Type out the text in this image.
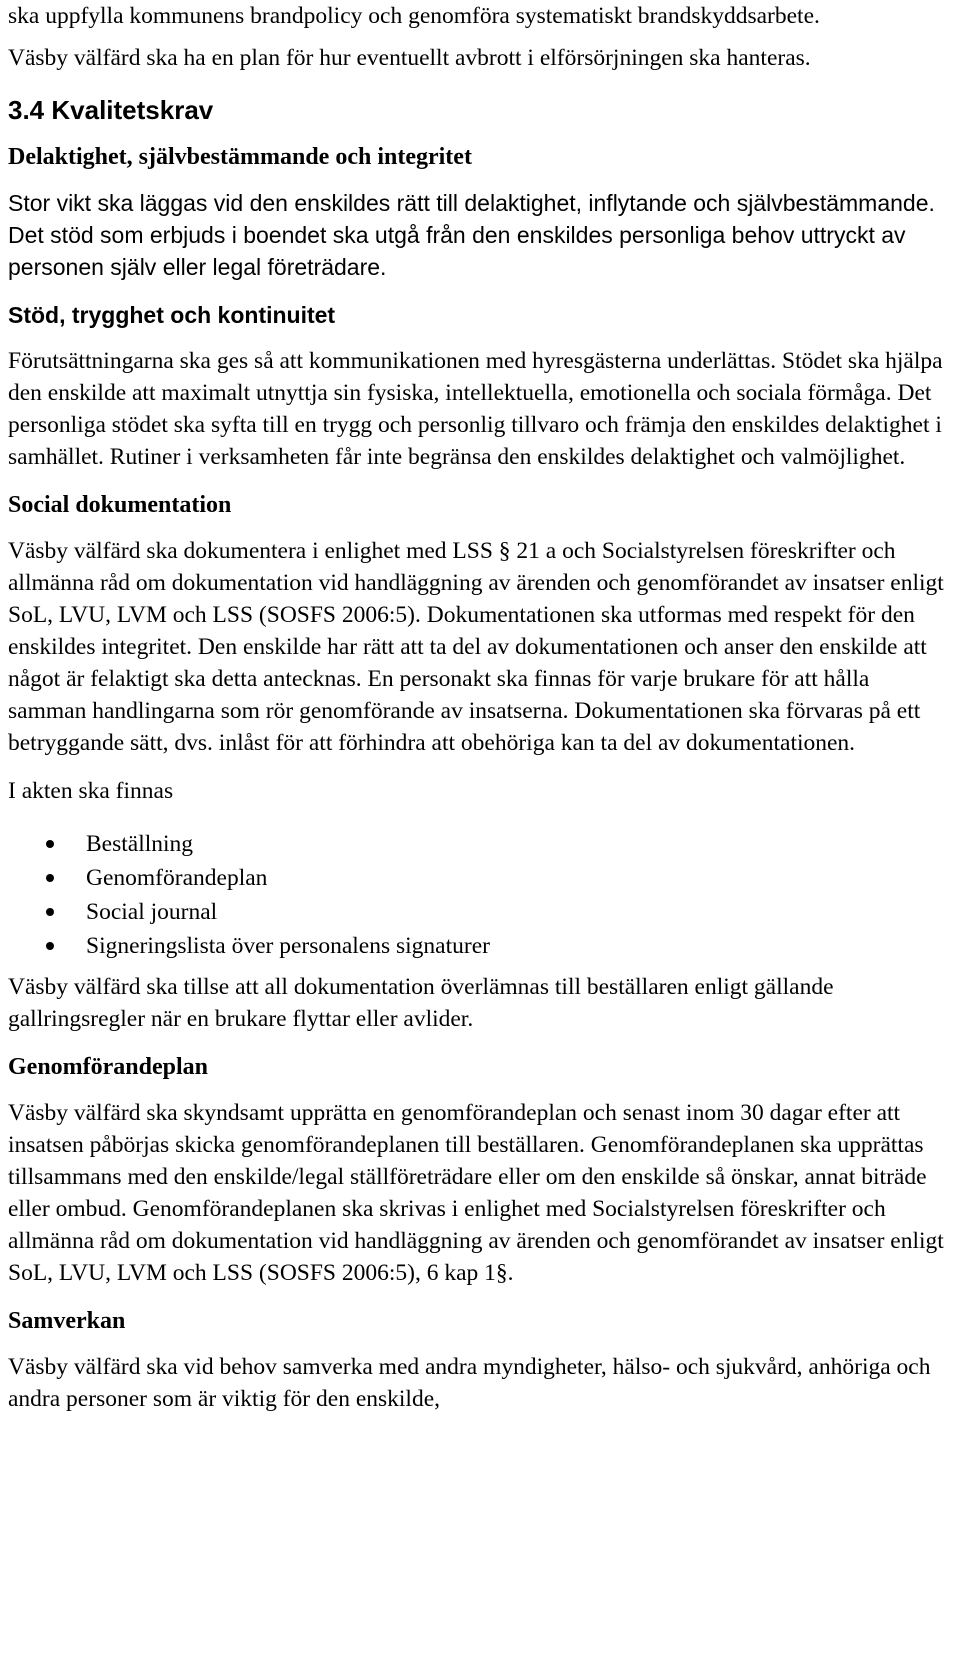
ska uppfylla kommunens brandpolicy och genomföra systematiskt brandskyddsarbete.

Väsby välfärd ska ha en plan för hur eventuellt avbrott i elförsörjningen ska hanteras.

3.4 Kvalitetskrav
Delaktighet, självbestämmande och integritet

Stor vikt ska läggas vid den enskildes rätt till delaktighet, inflytande och självbestämmande. Det stöd som erbjuds i boendet ska utgå från den enskildes personliga behov uttryckt av personen själv eller legal företrädare.

Stöd, trygghet och kontinuitet

Förutsättningarna ska ges så att kommunikationen med hyresgästerna underlättas. Stödet ska hjälpa den enskilde att maximalt utnyttja sin fysiska, intellektuella, emotionella och sociala förmåga. Det personliga stödet ska syfta till en trygg och personlig tillvaro och främja den enskildes delaktighet i samhället. Rutiner i verksamheten får inte begränsa den enskildes delaktighet och valmöjlighet.

Social dokumentation

Väsby välfärd ska dokumentera i enlighet med LSS § 21 a och Socialstyrelsen föreskrifter och allmänna råd om dokumentation vid handläggning av ärenden och genomförandet av insatser enligt SoL, LVU, LVM och LSS (SOSFS 2006:5). Dokumentationen ska utformas med respekt för den enskildes integritet. Den enskilde har rätt att ta del av dokumentationen och anser den enskilde att något är felaktigt ska detta antecknas. En personakt ska finnas för varje brukare för att hålla samman handlingarna som rör genomförande av insatserna. Dokumentationen ska förvaras på ett betryggande sätt, dvs. inlåst för att förhindra att obehöriga kan ta del av dokumentationen.

I akten ska finnas

Beställning
Genomförandeplan
Social journal
Signeringslista över personalens signaturer

Väsby välfärd ska tillse att all dokumentation överlämnas till beställaren enligt gällande gallringsregler när en brukare flyttar eller avlider.

Genomförandeplan

Väsby välfärd ska skyndsamt upprätta en genomförandeplan och senast inom 30 dagar efter att insatsen påbörjas skicka genomförandeplanen till beställaren. Genomförandeplanen ska upprättas tillsammans med den enskilde/legal ställföreträdare eller om den enskilde så önskar, annat biträde eller ombud. Genomförandeplanen ska skrivas i enlighet med Socialstyrelsen föreskrifter och allmänna råd om dokumentation vid handläggning av ärenden och genomförandet av insatser enligt SoL, LVU, LVM och LSS (SOSFS 2006:5), 6 kap 1§.

Samverkan

Väsby välfärd ska vid behov samverka med andra myndigheter, hälso- och sjukvård, anhöriga och andra personer som är viktig för den enskilde,
